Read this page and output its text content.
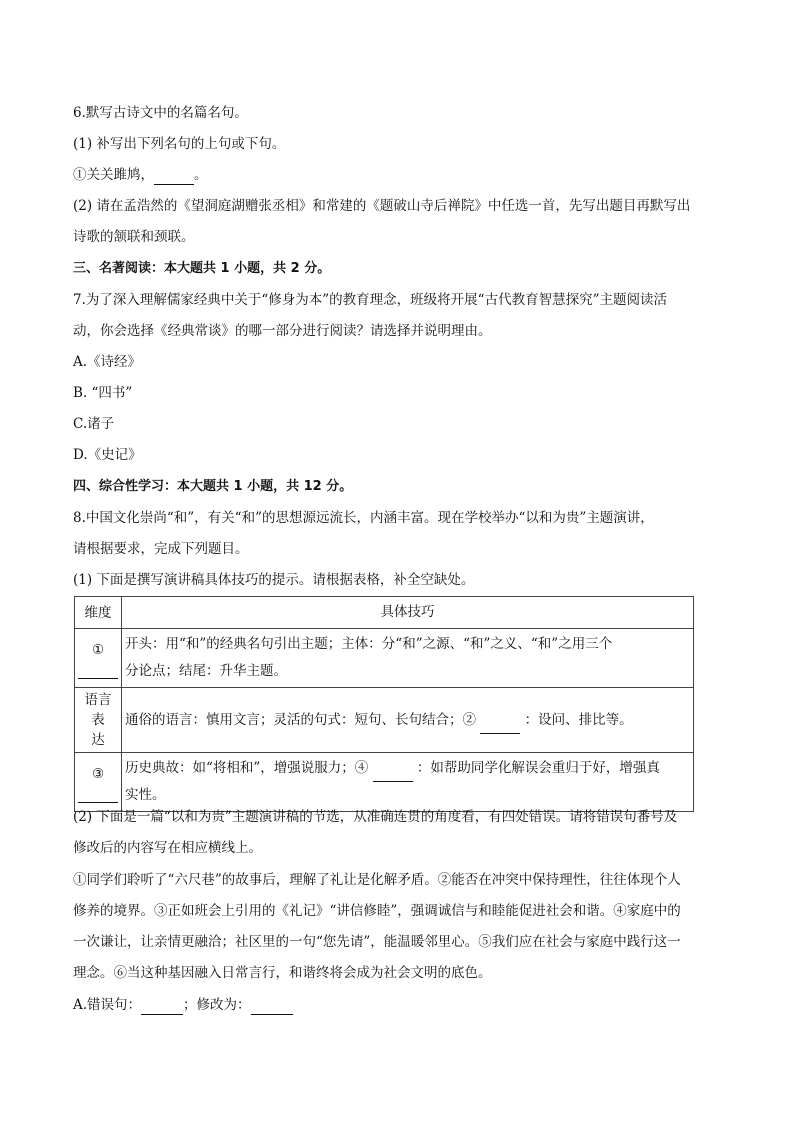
6.默写古诗文中的名篇名句。
(1) 补写出下列名句的上句或下句。
①关关雎鸠，	。
(2) 请在孟浩然的《望洞庭湖赠张丞相》和常建的《题破山寺后禅院》中任选一首，先写出题目再默写出
诗歌的颔联和颈联。
三、名著阅读：本大题共 1 小题，共 2 分。
7.为了深入理解儒家经典中关于“修身为本”的教育理念，班级将开展“古代教育智慧探究”主题阅读活
动，你会选择《经典常谈》的哪一部分进行阅读？请选择并说明理由。
A.《诗经》
B. “四书”
C.诸子
D.《史记》
四、综合性学习：本大题共 1 小题，共 12 分。
8.中国文化崇尚“和”，有关“和”的思想源远流长，内涵丰富。现在学校举办“以和为贵”主题演讲，
请根据要求，完成下列题目。
(1) 下面是撰写演讲稿具体技巧的提示。请根据表格，补全空缺处。
维度	具体技巧

①	开头：用“和”的经典名句引出主题；主体：分“和”之源、“和”之义、“和”之用三个
分论点；结尾：升华主题。

语言表
达	通俗的语言：慎用文言；灵活的句式：短句、长句结合；② ：设问、排比等。

③	历史典故：如“将相和”，增强说服力；④ ：如帮助同学化解误会重归于好，增强真
实性。
(2) 下面是一篇“以和为贵”主题演讲稿的节选，从准确连贯的角度看，有四处错误。请将错误句番号及
修改后的内容写在相应横线上。
①同学们聆听了“六尺巷”的故事后，理解了礼让是化解矛盾。②能否在冲突中保持理性，往往体现个人
修养的境界。③正如班会上引用的《礼记》“讲信修睦”，强调诚信与和睦能促进社会和谐。④家庭中的
一次谦让，让亲情更融洽；社区里的一句“您先请”，能温暖邻里心。⑤我们应在社会与家庭中践行这一
理念。⑥当这种基因融入日常言行，和谐终将会成为社会文明的底色。
A.错误句：	；修改为：
